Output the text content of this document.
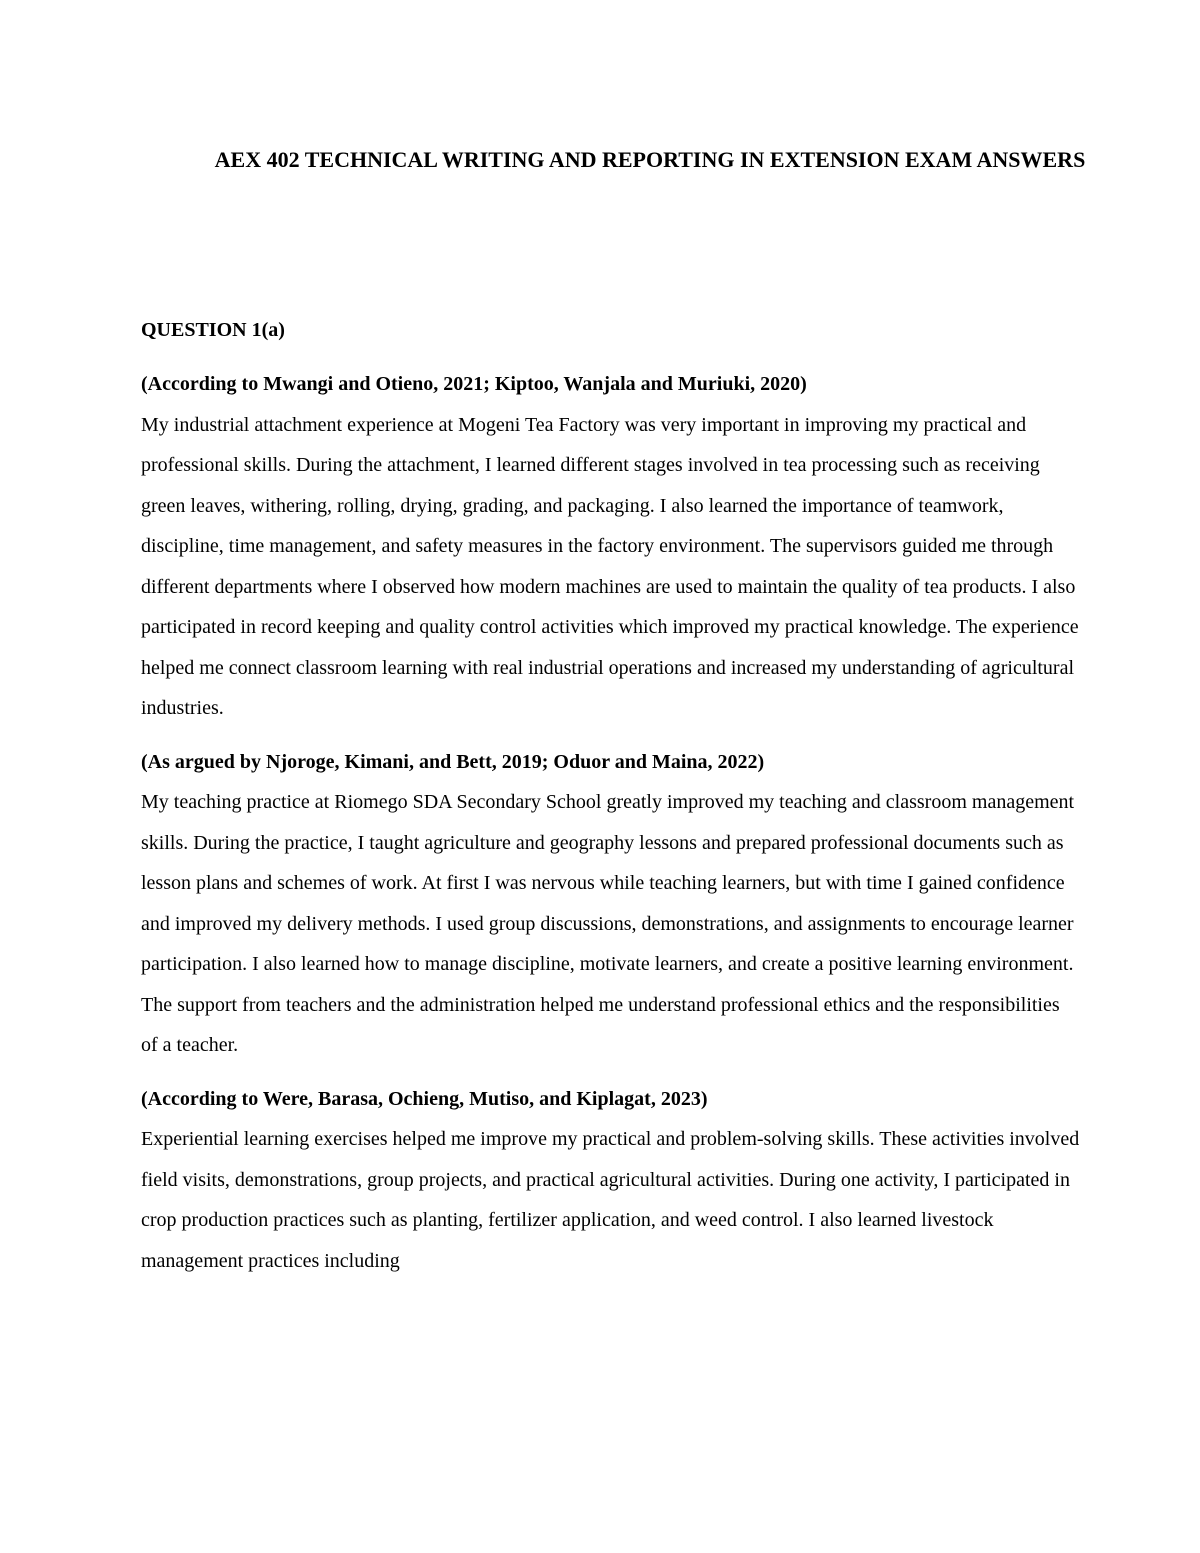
AEX 402 TECHNICAL WRITING AND REPORTING IN EXTENSION EXAM ANSWERS

QUESTION 1(a)

(According to Mwangi and Otieno, 2021; Kiptoo, Wanjala and Muriuki, 2020)

My industrial attachment experience at Mogeni Tea Factory was very important in improving my practical and professional skills. During the attachment, I learned different stages involved in tea processing such as receiving green leaves, withering, rolling, drying, grading, and packaging. I also learned the importance of teamwork, discipline, time management, and safety measures in the factory environment. The supervisors guided me through different departments where I observed how modern machines are used to maintain the quality of tea products. I also participated in record keeping and quality control activities which improved my practical knowledge. The experience helped me connect classroom learning with real industrial operations and increased my understanding of agricultural industries.

(As argued by Njoroge, Kimani, and Bett, 2019; Oduor and Maina, 2022)

My teaching practice at Riomego SDA Secondary School greatly improved my teaching and classroom management skills. During the practice, I taught agriculture and geography lessons and prepared professional documents such as lesson plans and schemes of work. At first I was nervous while teaching learners, but with time I gained confidence and improved my delivery methods. I used group discussions, demonstrations, and assignments to encourage learner participation. I also learned how to manage discipline, motivate learners, and create a positive learning environment. The support from teachers and the administration helped me understand professional ethics and the responsibilities of a teacher.

(According to Were, Barasa, Ochieng, Mutiso, and Kiplagat, 2023)

Experiential learning exercises helped me improve my practical and problem-solving skills. These activities involved field visits, demonstrations, group projects, and practical agricultural activities. During one activity, I participated in crop production practices such as planting, fertilizer application, and weed control. I also learned livestock management practices including
